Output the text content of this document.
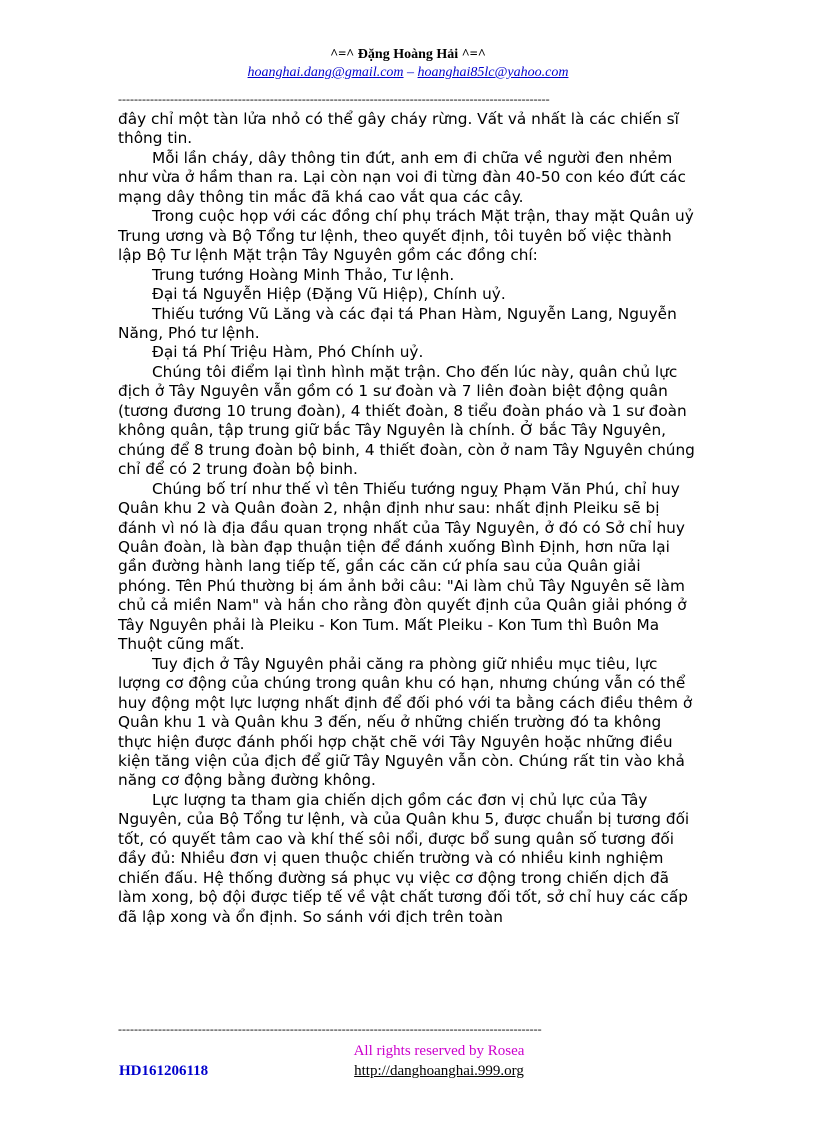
^=^ Đặng Hoàng Hải ^=^
hoanghai.dang@gmail.com – hoanghai85lc@yahoo.com
------------------------------------------------------------------------------------------------------------

đây chỉ một tàn lửa nhỏ có thể gây cháy rừng. Vất vả nhất là các chiến sĩ thông tin.

Mỗi lần cháy, dây thông tin đứt, anh em đi chữa về người đen nhẻm như vừa ở hầm than ra. Lại còn nạn voi đi từng đàn 40-50 con kéo đứt các mạng dây thông tin mắc đã khá cao vắt qua các cây.

Trong cuộc họp với các đồng chí phụ trách Mặt trận, thay mặt Quân uỷ Trung ương và Bộ Tổng tư lệnh, theo quyết định, tôi tuyên bố việc thành lập Bộ Tư lệnh Mặt trận Tây Nguyên gồm các đồng chí:

Trung tướng Hoàng Minh Thảo, Tư lệnh.

Đại tá Nguyễn Hiệp (Đặng Vũ Hiệp), Chính uỷ.

Thiếu tướng Vũ Lăng và các đại tá Phan Hàm, Nguyễn Lang, Nguyễn Năng, Phó tư lệnh.

Đại tá Phí Triệu Hàm, Phó Chính uỷ.

Chúng tôi điểm lại tình hình mặt trận. Cho đến lúc này, quân chủ lực địch ở Tây Nguyên vẫn gồm có 1 sư đoàn và 7 liên đoàn biệt động quân (tương đương 10 trung đoàn), 4 thiết đoàn, 8 tiểu đoàn pháo và 1 sư đoàn không quân, tập trung giữ bắc Tây Nguyên là chính. Ở bắc Tây Nguyên, chúng để 8 trung đoàn bộ binh, 4 thiết đoàn, còn ở nam Tây Nguyên chúng chỉ để có 2 trung đoàn bộ binh.

Chúng bố trí như thế vì tên Thiếu tướng nguỵ Phạm Văn Phú, chỉ huy Quân khu 2 và Quân đoàn 2, nhận định như sau: nhất định Pleiku sẽ bị đánh vì nó là địa đầu quan trọng nhất của Tây Nguyên, ở đó có Sở chỉ huy Quân đoàn, là bàn đạp thuận tiện để đánh xuống Bình Định, hơn nữa lại gần đường hành lang tiếp tế, gần các căn cứ phía sau của Quân giải phóng. Tên Phú thường bị ám ảnh bởi câu: "Ai làm chủ Tây Nguyên sẽ làm chủ cả miền Nam" và hắn cho rằng đòn quyết định của Quân giải phóng ở Tây Nguyên phải là Pleiku - Kon Tum. Mất Pleiku - Kon Tum thì Buôn Ma Thuột cũng mất.

Tuy địch ở Tây Nguyên phải căng ra phòng giữ nhiều mục tiêu, lực lượng cơ động của chúng trong quân khu có hạn, nhưng chúng vẫn có thể huy động một lực lượng nhất định để đối phó với ta bằng cách điều thêm ở Quân khu 1 và Quân khu 3 đến, nếu ở những chiến trường đó ta không thực hiện được đánh phối hợp chặt chẽ với Tây Nguyên hoặc những điều kiện tăng viện của địch để giữ Tây Nguyên vẫn còn. Chúng rất tin vào khả năng cơ động bằng đường không.

Lực lượng ta tham gia chiến dịch gồm các đơn vị chủ lực của Tây Nguyên, của Bộ Tổng tư lệnh, và của Quân khu 5, được chuẩn bị tương đối tốt, có quyết tâm cao và khí thế sôi nổi, được bổ sung quân số tương đối đầy đủ: Nhiều đơn vị quen thuộc chiến trường và có nhiều kinh nghiệm chiến đấu. Hệ thống đường sá phục vụ việc cơ động trong chiến dịch đã làm xong, bộ đội được tiếp tế về vật chất tương đối tốt, sở chỉ huy các cấp đã lập xong và ổn định. So sánh với địch trên toàn

----------------------------------------------------------------------------------------------------------
All rights reserved by Rosea
HD161206118	http://danghoanghai.999.org
